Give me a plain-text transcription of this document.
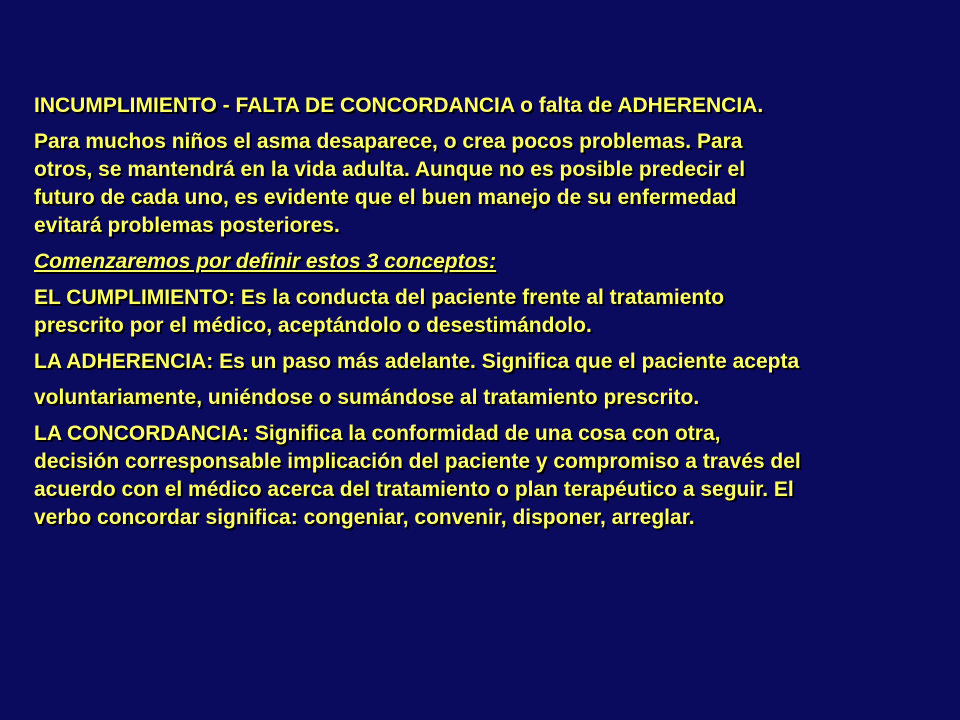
INCUMPLIMIENTO - FALTA DE CONCORDANCIA o falta de ADHERENCIA.

Para muchos niños el asma desaparece, o crea pocos problemas. Para
otros, se mantendrá en la vida adulta. Aunque no es posible predecir el
futuro de cada uno, es evidente que el buen manejo de su enfermedad
evitará problemas posteriores.

Comenzaremos por definir estos 3 conceptos:

EL CUMPLIMIENTO: Es la conducta del paciente frente al tratamiento
prescrito por el médico, aceptándolo o desestimándolo.

LA ADHERENCIA: Es un paso más adelante. Significa que el paciente acepta

voluntariamente, uniéndose o sumándose al tratamiento prescrito.

LA CONCORDANCIA: Significa la conformidad de una cosa con otra,
decisión corresponsable implicación del paciente y compromiso a través del
acuerdo con el médico acerca del tratamiento o plan terapéutico a seguir. El
verbo concordar significa: congeniar, convenir, disponer, arreglar.
